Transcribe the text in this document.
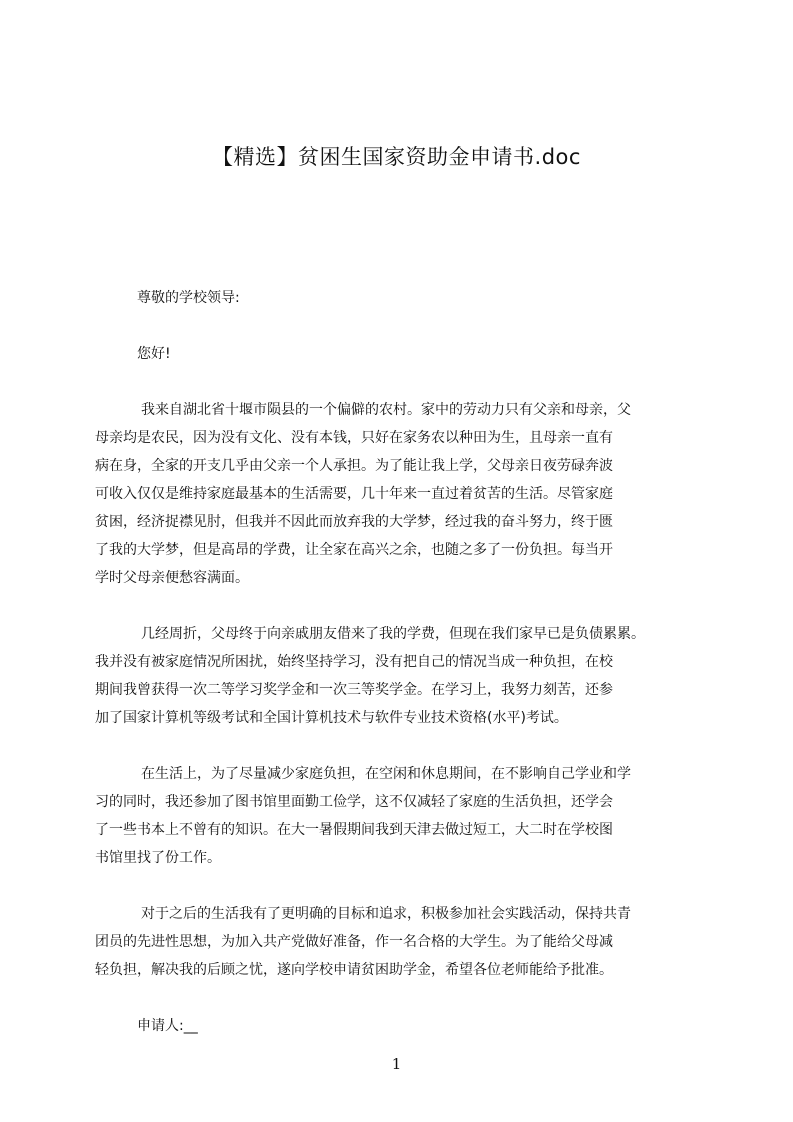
【精选】贫困生国家资助金申请书.doc

尊敬的学校领导:

您好!

我来自湖北省十堰市陨县的一个偏僻的农村。家中的劳动力只有父亲和母亲，父
母亲均是农民，因为没有文化、没有本钱，只好在家务农以种田为生，且母亲一直有
病在身，全家的开支几乎由父亲一个人承担。为了能让我上学，父母亲日夜劳碌奔波
可收入仅仅是维持家庭最基本的生活需要，几十年来一直过着贫苦的生活。尽管家庭
贫困，经济捉襟见肘，但我并不因此而放弃我的大学梦，经过我的奋斗努力，终于匮
了我的大学梦，但是高昂的学费，让全家在高兴之余，也随之多了一份负担。每当开
学时父母亲便愁容满面。
几经周折，父母终于向亲戚朋友借来了我的学费，但现在我们家早已是负债累累。
我并没有被家庭情况所困扰，始终坚持学习，没有把自己的情况当成一种负担，在校
期间我曾获得一次二等学习奖学金和一次三等奖学金。在学习上，我努力刻苦，还参
加了国家计算机等级考试和全国计算机技术与软件专业技术资格(水平)考试。
在生活上，为了尽量减少家庭负担，在空闲和休息期间，在不影响自己学业和学
习的同时，我还参加了图书馆里面勤工俭学，这不仅减轻了家庭的生活负担，还学会
了一些书本上不曾有的知识。在大一暑假期间我到天津去做过短工，大二时在学校图
书馆里找了份工作。
对于之后的生活我有了更明确的目标和追求，积极参加社会实践活动，保持共青
团员的先进性思想，为加入共产党做好准备，作一名合格的大学生。为了能给父母减
轻负担，解决我的后顾之忧，遂向学校申请贫困助学金，希望各位老师能给予批准。

申请人:__

1
